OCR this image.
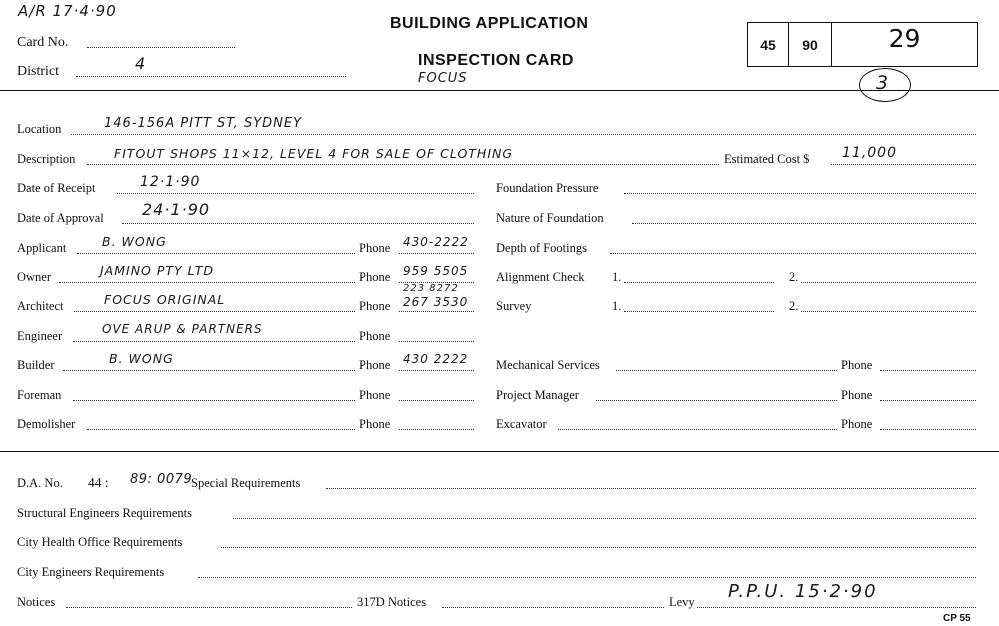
A/R 17·4·90
Card No.
District	4
BUILDING APPLICATION
INSPECTION CARD
FOCUS
45	90	29
3
Location	146-156A PITT ST, SYDNEY
Description	FITOUT SHOPS 11×12, LEVEL 4 FOR SALE OF CLOTHING	Estimated Cost $ 11,000
Date of Receipt	12·1·90
Date of Approval 24·1·90
Applicant	B. WONG	Phone 430-2222
Owner	JAMINO PTY LTD	Phone 959 5505
223 8272
Architect	FOCUS ORIGINAL	Phone 267 3530
Engineer	OVE ARUP & PARTNERS	Phone
Builder	B. WONG	Phone 430 2222
Foreman	Phone
Demolisher	Phone
Foundation Pressure
Nature of Foundation
Depth of Footings
Alignment Check 1.	2.
Survey	1.	2.
Mechanical Services	Phone
Project Manager	Phone
Excavator	Phone
D.A. No. 44 : 89: 0079
Special Requirements
Structural Engineers Requirements
City Health Office Requirements
City Engineers Requirements
Notices	317D Notices	Levy P.P.U. 15·2·90
CP 55
